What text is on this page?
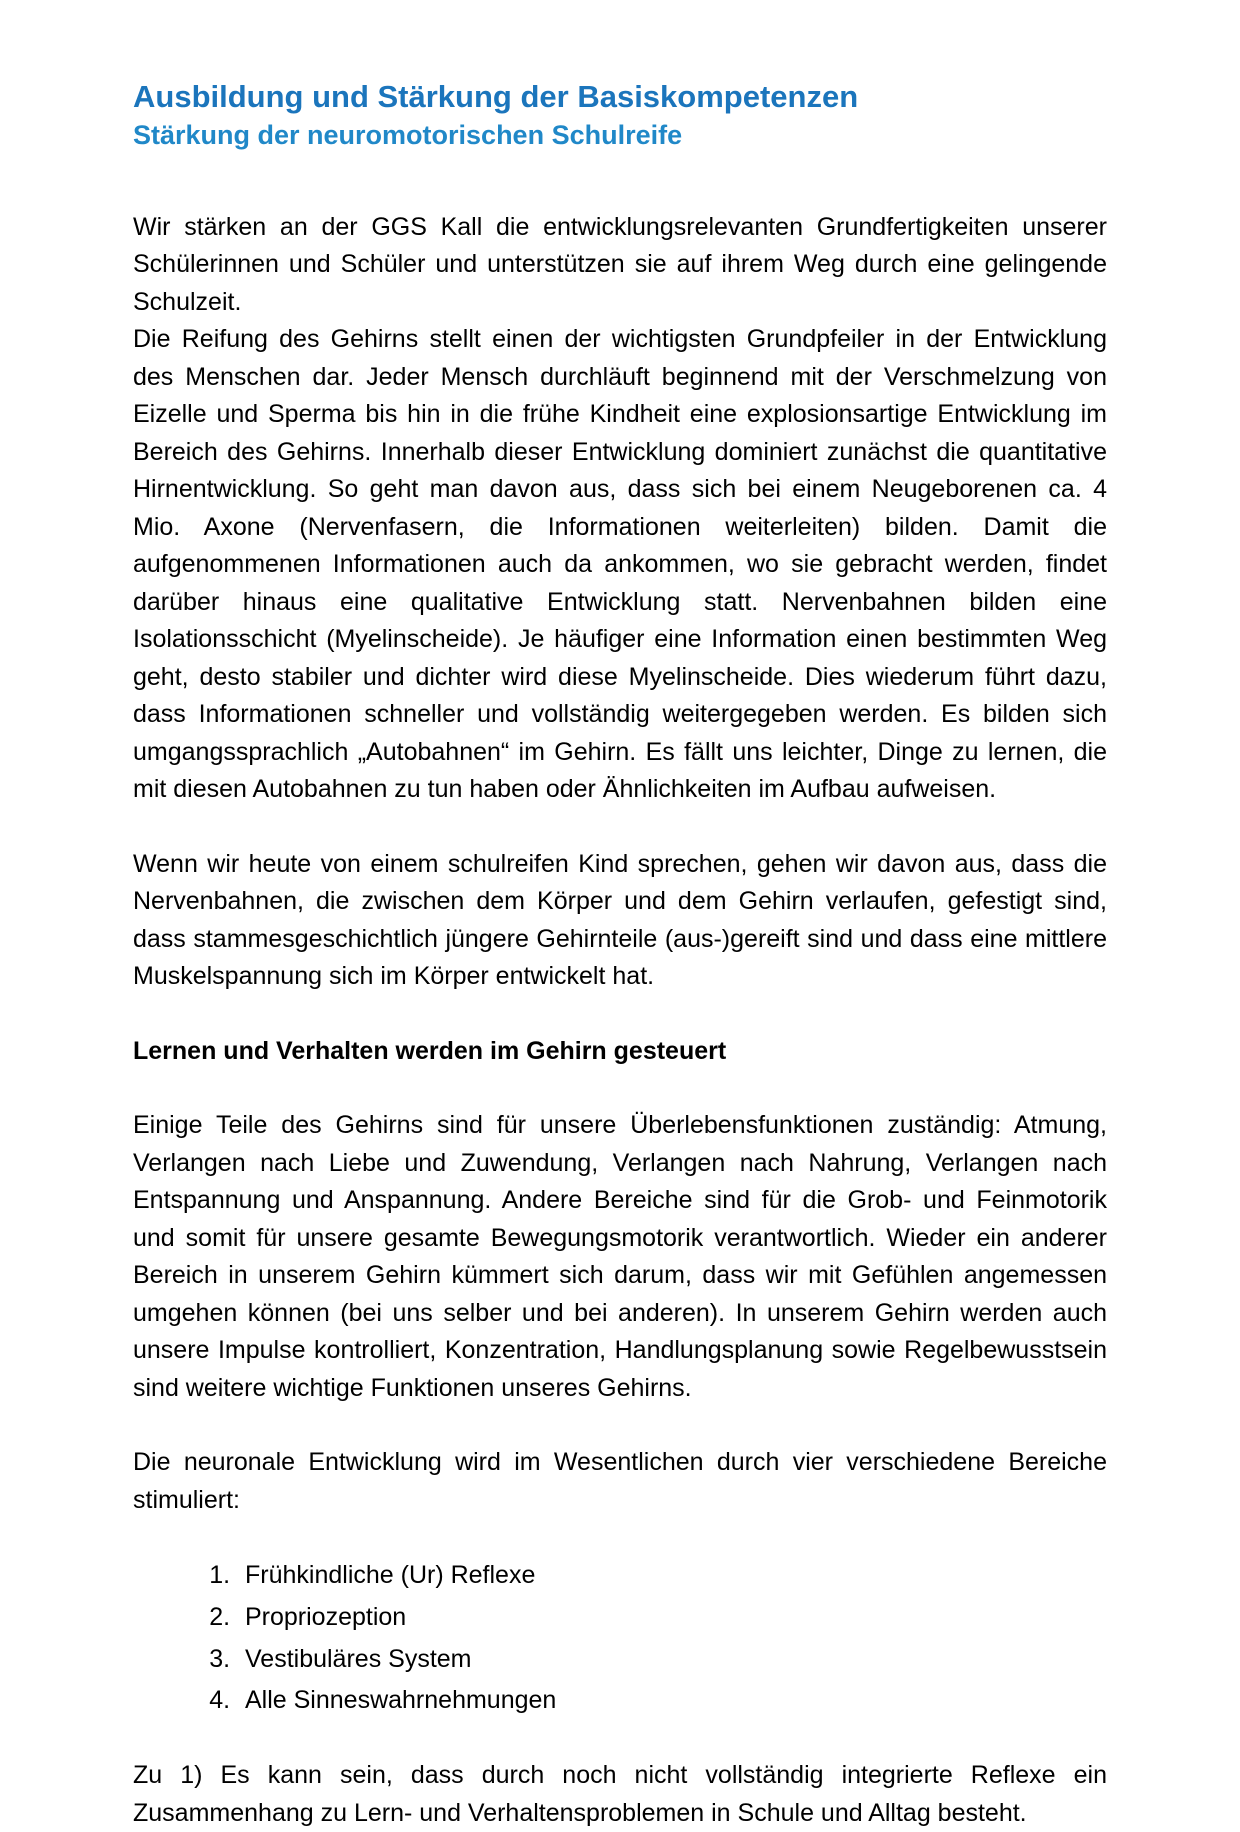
Ausbildung und Stärkung der Basiskompetenzen
Stärkung der neuromotorischen Schulreife

Wir stärken an der GGS Kall die entwicklungsrelevanten Grundfertigkeiten unserer Schülerinnen und Schüler und unterstützen sie auf ihrem Weg durch eine gelingende Schulzeit.

Die Reifung des Gehirns stellt einen der wichtigsten Grundpfeiler in der Entwicklung des Menschen dar. Jeder Mensch durchläuft beginnend mit der Verschmelzung von Eizelle und Sperma bis hin in die frühe Kindheit eine explosionsartige Entwicklung im Bereich des Gehirns. Innerhalb dieser Entwicklung dominiert zunächst die quantitative Hirnentwicklung. So geht man davon aus, dass sich bei einem Neugeborenen ca. 4 Mio. Axone (Nervenfasern, die Informationen weiterleiten) bilden. Damit die aufgenommenen Informationen auch da ankommen, wo sie gebracht werden, findet darüber hinaus eine qualitative Entwicklung statt. Nervenbahnen bilden eine Isolationsschicht (Myelinscheide). Je häufiger eine Information einen bestimmten Weg geht, desto stabiler und dichter wird diese Myelinscheide. Dies wiederum führt dazu, dass Informationen schneller und vollständig weitergegeben werden. Es bilden sich umgangssprachlich „Autobahnen“ im Gehirn. Es fällt uns leichter, Dinge zu lernen, die mit diesen Autobahnen zu tun haben oder Ähnlichkeiten im Aufbau aufweisen.

Wenn wir heute von einem schulreifen Kind sprechen, gehen wir davon aus, dass die Nervenbahnen, die zwischen dem Körper und dem Gehirn verlaufen, gefestigt sind, dass stammesgeschichtlich jüngere Gehirnteile (aus-)gereift sind und dass eine mittlere Muskelspannung sich im Körper entwickelt hat.

Lernen und Verhalten werden im Gehirn gesteuert

Einige Teile des Gehirns sind für unsere Überlebensfunktionen zuständig: Atmung, Verlangen nach Liebe und Zuwendung, Verlangen nach Nahrung, Verlangen nach Entspannung und Anspannung. Andere Bereiche sind für die Grob- und Feinmotorik und somit für unsere gesamte Bewegungsmotorik verantwortlich. Wieder ein anderer Bereich in unserem Gehirn kümmert sich darum, dass wir mit Gefühlen angemessen umgehen können (bei uns selber und bei anderen). In unserem Gehirn werden auch unsere Impulse kontrolliert, Konzentration, Handlungsplanung sowie Regelbewusstsein sind weitere wichtige Funktionen unseres Gehirns.

Die neuronale Entwicklung wird im Wesentlichen durch vier verschiedene Bereiche stimuliert:

1. Frühkindliche (Ur) Reflexe
2. Propriozeption
3. Vestibuläres System
4. Alle Sinneswahrnehmungen

Zu 1) Es kann sein, dass durch noch nicht vollständig integrierte Reflexe ein Zusammenhang zu Lern- und Verhaltensproblemen in Schule und Alltag besteht.
